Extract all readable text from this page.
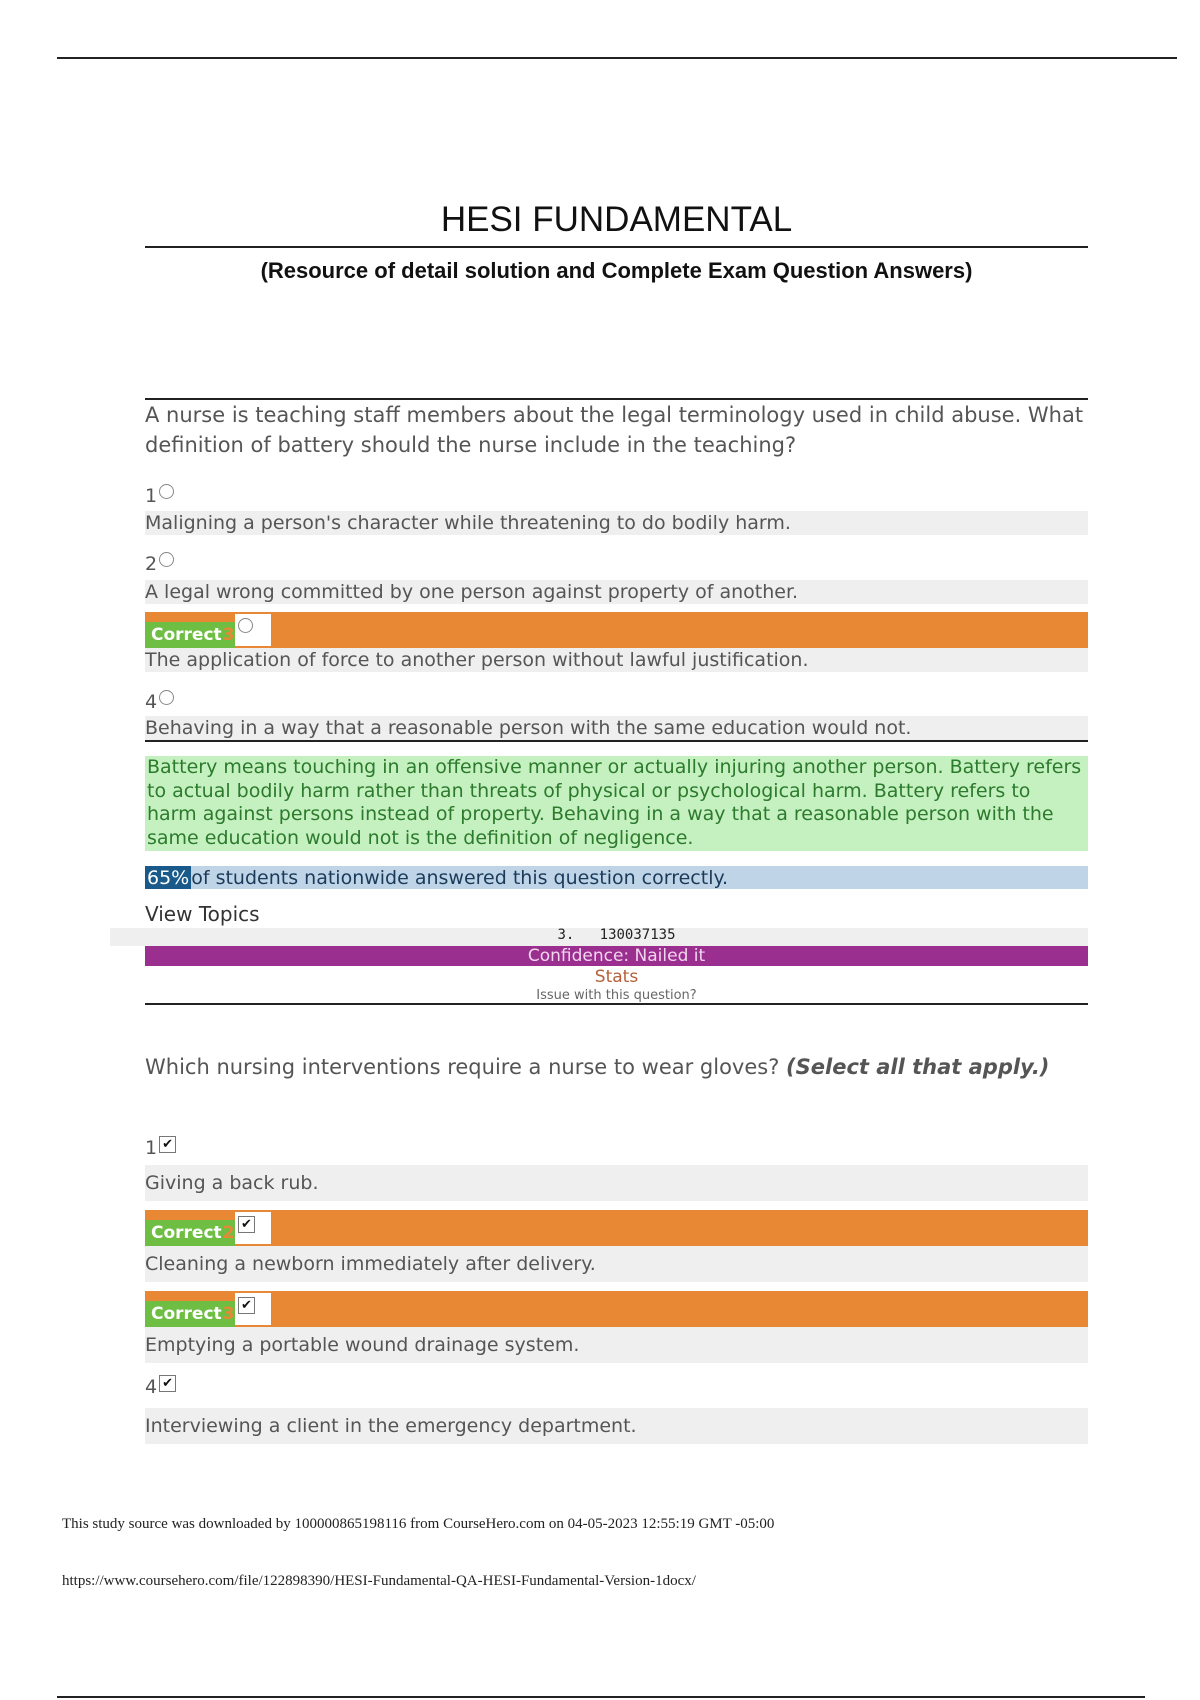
HESI FUNDAMENTAL
(Resource of detail solution and Complete Exam Question Answers)
A nurse is teaching staff members about the legal terminology used in child abuse. What definition of battery should the nurse include in the teaching?
1
Maligning a person's character while threatening to do bodily harm.
2
A legal wrong committed by one person against property of another.
Correct 3
The application of force to another person without lawful justification.
4
Behaving in a way that a reasonable person with the same education would not.
Battery means touching in an offensive manner or actually injuring another person. Battery refers to actual bodily harm rather than threats of physical or psychological harm. Battery refers to harm against persons instead of property. Behaving in a way that a reasonable person with the same education would not is the definition of negligence.
65% of students nationwide answered this question correctly.
View Topics
3. 130037135
Confidence: Nailed it
Stats
Issue with this question?
Which nursing interventions require a nurse to wear gloves? (Select all that apply.)
1 ✔
Giving a back rub.
Correct 2 ✔
Cleaning a newborn immediately after delivery.
Correct 3 ✔
Emptying a portable wound drainage system.
4 ✔
Interviewing a client in the emergency department.
This study source was downloaded by 100000865198116 from CourseHero.com on 04-05-2023 12:55:19 GMT -05:00
https://www.coursehero.com/file/122898390/HESI-Fundamental-QA-HESI-Fundamental-Version-1docx/
